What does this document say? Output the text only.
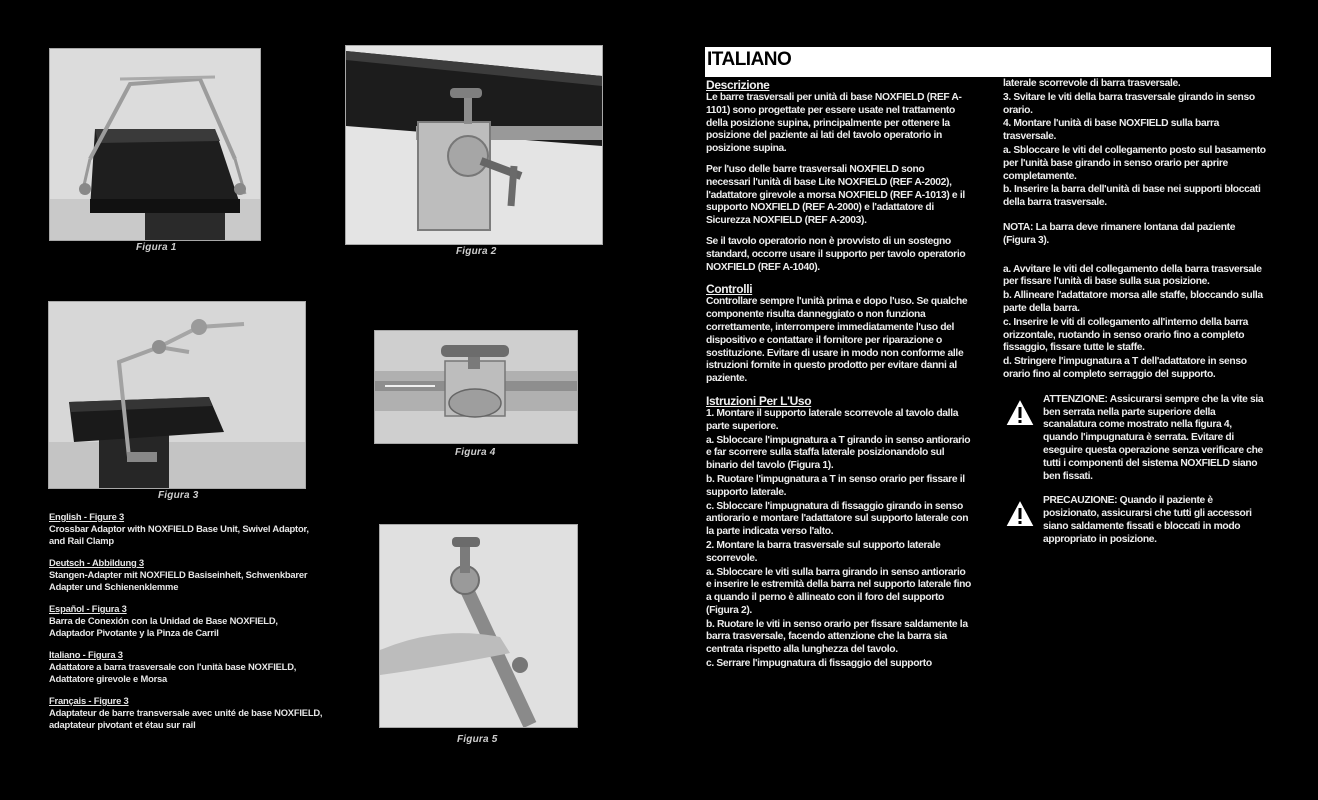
Figura 1	Figura 2
Figura 3
Figura 4
Figura 5
English - Figure 3
Crossbar Adaptor with NOXFIELD Base Unit, Swivel Adaptor, and Rail Clamp
Deutsch - Abbildung 3
Stangen-Adapter mit NOXFIELD Basiseinheit, Schwenkbarer Adapter und Schienenklemme
Español - Figura 3
Barra de Conexión con la Unidad de Base NOXFIELD, Adaptador Pivotante y la Pinza de Carril
Italiano - Figura 3
Adattatore a barra trasversale con l'unità base NOXFIELD, Adattatore girevole e Morsa
Français - Figure 3
Adaptateur de barre transversale avec unité de base NOXFIELD, adaptateur pivotant et étau sur rail
ITALIANO
Descrizione

Le barre trasversali per unità di base NOXFIELD (REF A-1101) sono progettate per essere usate nel trattamento della posizione supina, principalmente per ottenere la posizione del paziente ai lati del tavolo operatorio in posizione supina.

Per l'uso delle barre trasversali NOXFIELD sono necessari l'unità di base Lite NOXFIELD (REF A-2002), l'adattatore girevole a morsa NOXFIELD (REF A-1013) e il supporto NOXFIELD (REF A-2000) e l'adattatore di Sicurezza NOXFIELD (REF A-2003).

Se il tavolo operatorio non è provvisto di un sostegno standard, occorre usare il supporto per tavolo operatorio NOXFIELD (REF A-1040).

Controlli

Controllare sempre l'unità prima e dopo l'uso. Se qualche componente risulta danneggiato o non funziona correttamente, interrompere immediatamente l'uso del dispositivo e contattare il fornitore per riparazione o sostituzione. Evitare di usare in modo non conforme alle istruzioni fornite in questo prodotto per evitare danni al paziente.

Istruzioni Per L'Uso
1. Montare il supporto laterale scorrevole al tavolo dalla parte superiore.
a. Sbloccare l'impugnatura a T girando in senso antiorario e far scorrere sulla staffa laterale posizionandolo sul binario del tavolo (Figura 1).
b. Ruotare l'impugnatura a T in senso orario per fissare il supporto laterale.
c. Sbloccare l'impugnatura di fissaggio girando in senso antiorario e montare l'adattatore sul supporto laterale con la parte indicata verso l'alto.
2. Montare la barra trasversale sul supporto laterale scorrevole.
a. Sbloccare le viti sulla barra girando in senso antiorario e inserire le estremità della barra nel supporto laterale fino a quando il perno è allineato con il foro del supporto (Figura 2).
b. Ruotare le viti in senso orario per fissare saldamente la barra trasversale, facendo attenzione che la barra sia centrata rispetto alla lunghezza del tavolo.
c. Serrare l'impugnatura di fissaggio del supporto
laterale scorrevole di barra trasversale.
3. Svitare le viti della barra trasversale girando in senso orario.
4. Montare l'unità di base NOXFIELD sulla barra trasversale.
a. Sbloccare le viti del collegamento posto sul basamento per l'unità base girando in senso orario per aprire completamente.
b. Inserire la barra dell'unità di base nei supporti bloccati della barra trasversale.

NOTA: La barra deve rimanere lontana dal paziente (Figura 3).

a. Avvitare le viti del collegamento della barra trasversale per fissare l'unità di base sulla sua posizione.
b. Allineare l'adattatore morsa alle staffe, bloccando sulla parte della barra.
c. Inserire le viti di collegamento all'interno della barra orizzontale, ruotando in senso orario fino a completo fissaggio, fissare tutte le staffe.
d. Stringere l'impugnatura a T dell'adattatore in senso orario fino al completo serraggio del supporto.
ATTENZIONE: Assicurarsi sempre che la vite sia ben serrata nella parte superiore della scanalatura come mostrato nella figura 4, quando l'impugnatura è serrata. Evitare di eseguire questa operazione senza verificare che tutti i componenti del sistema NOXFIELD siano ben fissati.
PRECAUZIONE: Quando il paziente è posizionato, assicurarsi che tutti gli accessori siano saldamente fissati e bloccati in modo appropriato in posizione.
